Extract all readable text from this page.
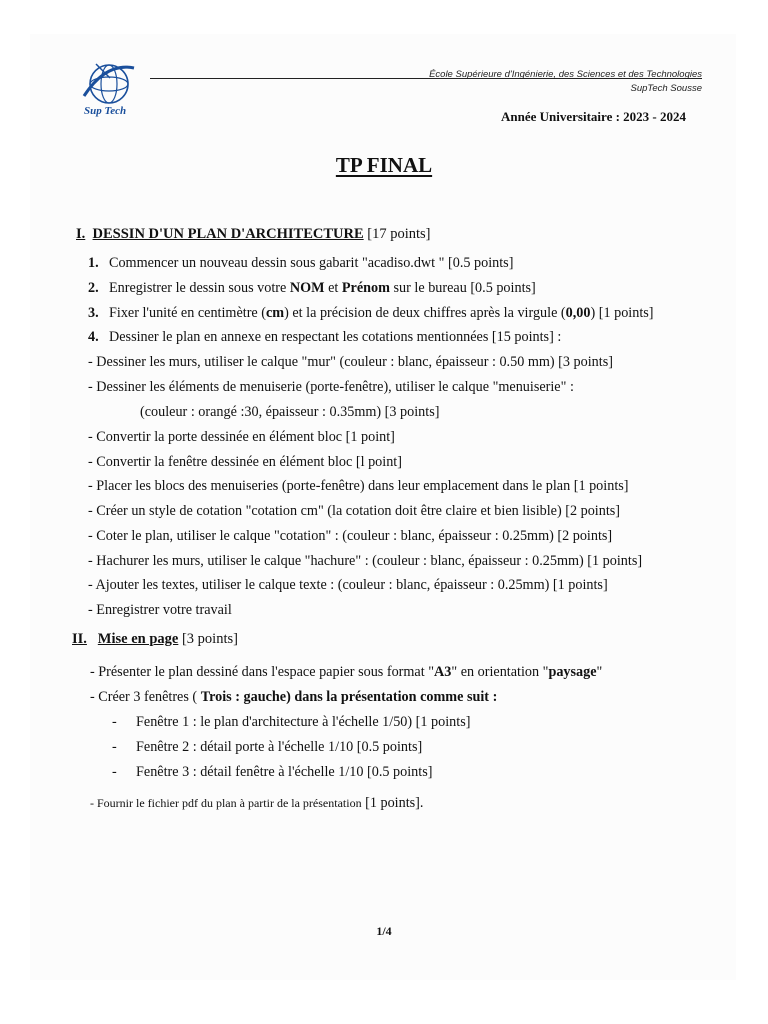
Sup Tech
École Supérieure d'Ingénierie, des Sciences et des Technologies
SupTech Sousse
Année Universitaire : 2023 - 2024
TP FINAL
I. DESSIN D'UN PLAN D'ARCHITECTURE [17 points]
1. Commencer un nouveau dessin sous gabarit "acadiso.dwt " [0.5 points]
2. Enregistrer le dessin sous votre NOM et Prénom sur le bureau [0.5 points]
3. Fixer l'unité en centimètre (cm) et la précision de deux chiffres après la virgule (0,00) [1 points]
4. Dessiner le plan en annexe en respectant les cotations mentionnées [15 points] :
- Dessiner les murs, utiliser le calque "mur" (couleur : blanc, épaisseur : 0.50 mm) [3 points]
- Dessiner les éléments de menuiserie (porte-fenêtre), utiliser le calque "menuiserie" :
(couleur : orangé :30, épaisseur : 0.35mm) [3 points]
- Convertir la porte dessinée en élément bloc [1 point]
- Convertir la fenêtre dessinée en élément bloc [l point]
- Placer les blocs des menuiseries (porte-fenêtre) dans leur emplacement dans le plan [1 points]
- Créer un style de cotation "cotation cm" (la cotation doit être claire et bien lisible) [2 points]
- Coter le plan, utiliser le calque "cotation" : (couleur : blanc, épaisseur : 0.25mm) [2 points]
- Hachurer les murs, utiliser le calque "hachure" : (couleur : blanc, épaisseur : 0.25mm) [1 points]
- Ajouter les textes, utiliser le calque texte : (couleur : blanc, épaisseur : 0.25mm) [1 points]
- Enregistrer votre travail
II. Mise en page [3 points]
- Présenter le plan dessiné dans l'espace papier sous format "A3" en orientation "paysage"
- Créer 3 fenêtres ( Trois : gauche) dans la présentation comme suit :
- Fenêtre 1 : le plan d'architecture à l'échelle 1/50) [1 points]
- Fenêtre 2 : détail porte à l'échelle 1/10 [0.5 points]
- Fenêtre 3 : détail fenêtre à l'échelle 1/10 [0.5 points]
- Fournir le fichier pdf du plan à partir de la présentation [1 points].
1/4
